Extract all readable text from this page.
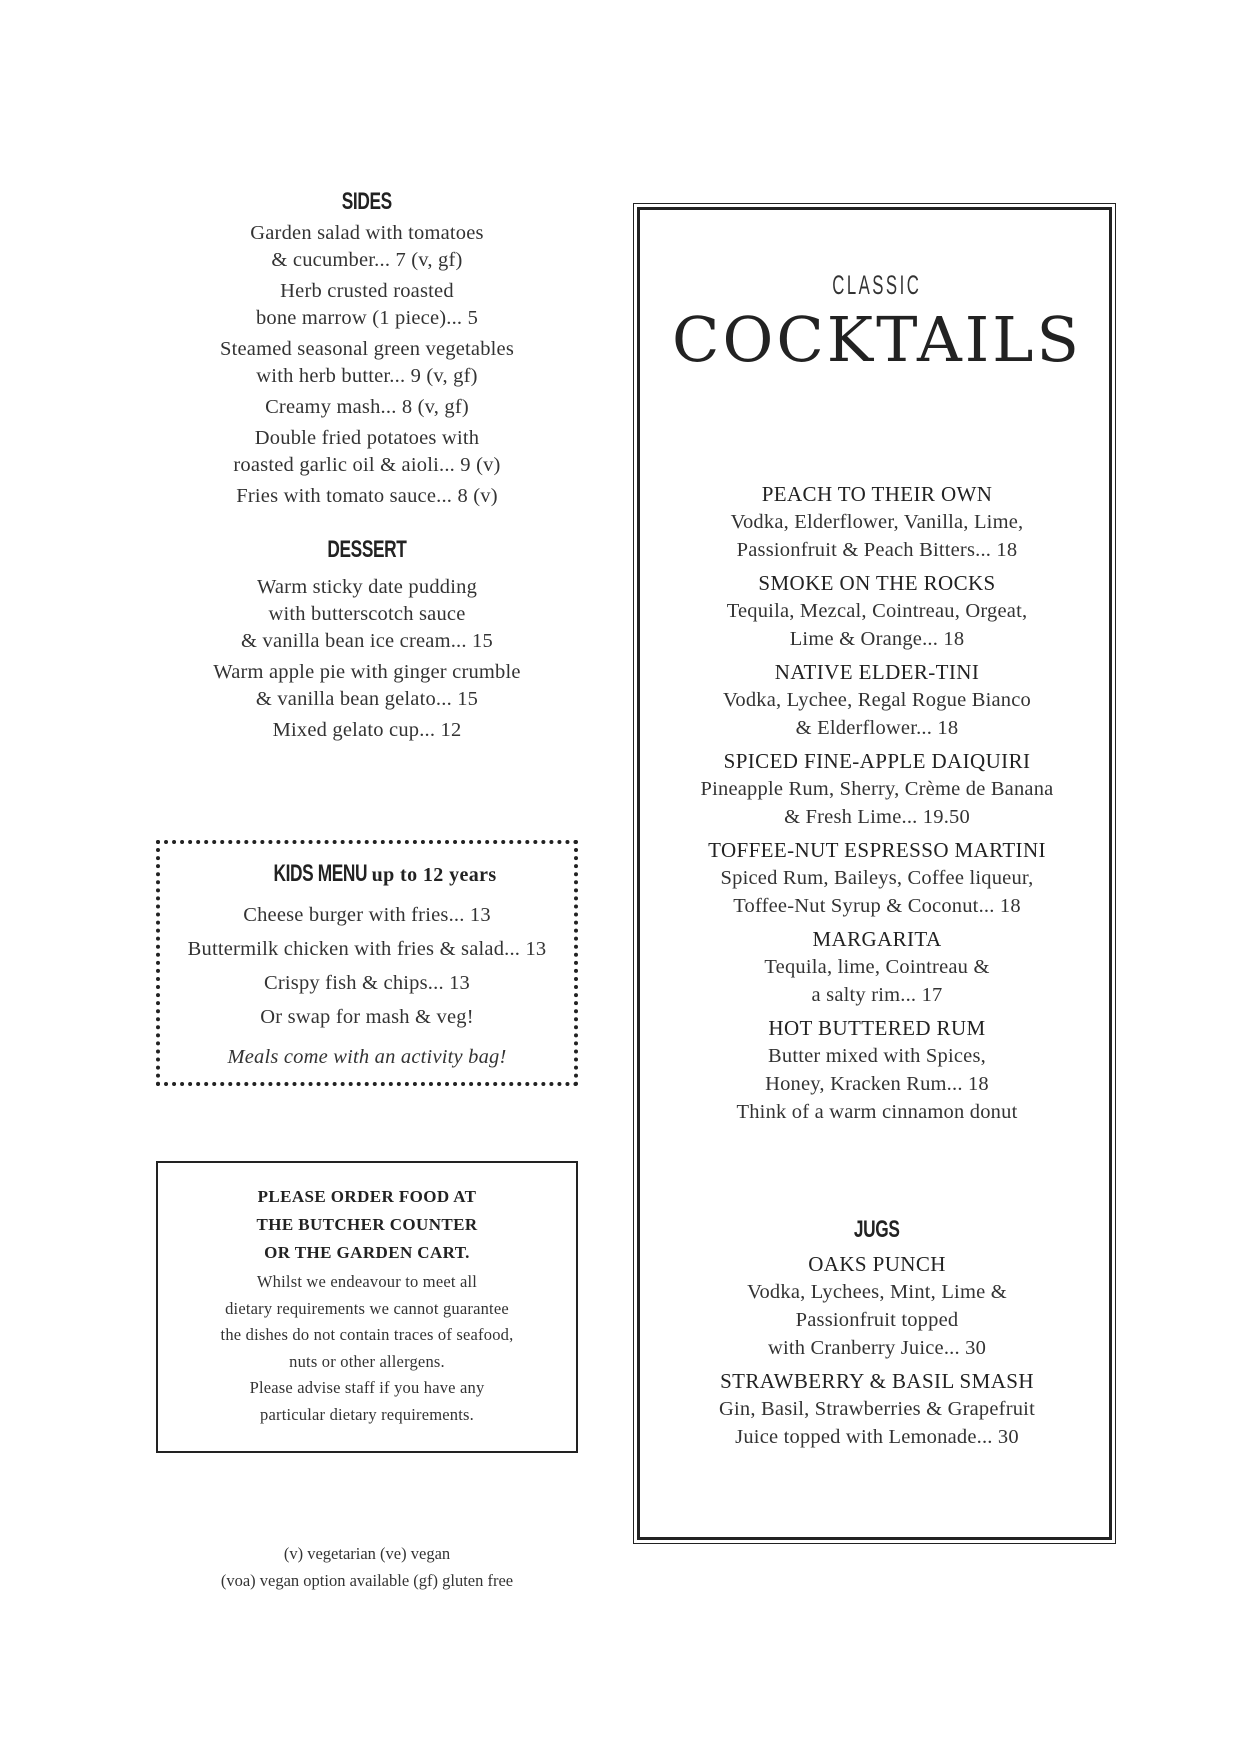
SIDES
Garden salad with tomatoes
& cucumber... 7 (v, gf)
Herb crusted roasted
bone marrow (1 piece)... 5
Steamed seasonal green vegetables
with herb butter... 9 (v, gf)
Creamy mash... 8 (v, gf)
Double fried potatoes with
roasted garlic oil & aioli... 9 (v)
Fries with tomato sauce... 8 (v)
DESSERT
Warm sticky date pudding
with butterscotch sauce
& vanilla bean ice cream... 15
Warm apple pie with ginger crumble
& vanilla bean gelato... 15
Mixed gelato cup... 12
KIDS MENU up to 12 years
Cheese burger with fries... 13
Buttermilk chicken with fries & salad... 13
Crispy fish & chips... 13
Or swap for mash & veg!
Meals come with an activity bag!
PLEASE ORDER FOOD AT
THE BUTCHER COUNTER
OR THE GARDEN CART.
Whilst we endeavour to meet all
dietary requirements we cannot guarantee
the dishes do not contain traces of seafood,
nuts or other allergens.
Please advise staff if you have any
particular dietary requirements.
(v) vegetarian (ve) vegan
(voa) vegan option available (gf) gluten free
CLASSIC
COCKTAILS
PEACH TO THEIR OWN
Vodka, Elderflower, Vanilla, Lime,
Passionfruit & Peach Bitters... 18
SMOKE ON THE ROCKS
Tequila, Mezcal, Cointreau, Orgeat,
Lime & Orange... 18
NATIVE ELDER-TINI
Vodka, Lychee, Regal Rogue Bianco
& Elderflower... 18
SPICED FINE-APPLE DAIQUIRI
Pineapple Rum, Sherry, Crème de Banana
& Fresh Lime... 19.50
TOFFEE-NUT ESPRESSO MARTINI
Spiced Rum, Baileys, Coffee liqueur,
Toffee-Nut Syrup & Coconut... 18
MARGARITA
Tequila, lime, Cointreau &
a salty rim... 17
HOT BUTTERED RUM
Butter mixed with Spices,
Honey, Kracken Rum... 18
Think of a warm cinnamon donut
JUGS
OAKS PUNCH
Vodka, Lychees, Mint, Lime &
Passionfruit topped
with Cranberry Juice... 30
STRAWBERRY & BASIL SMASH
Gin, Basil, Strawberries & Grapefruit
Juice topped with Lemonade... 30
